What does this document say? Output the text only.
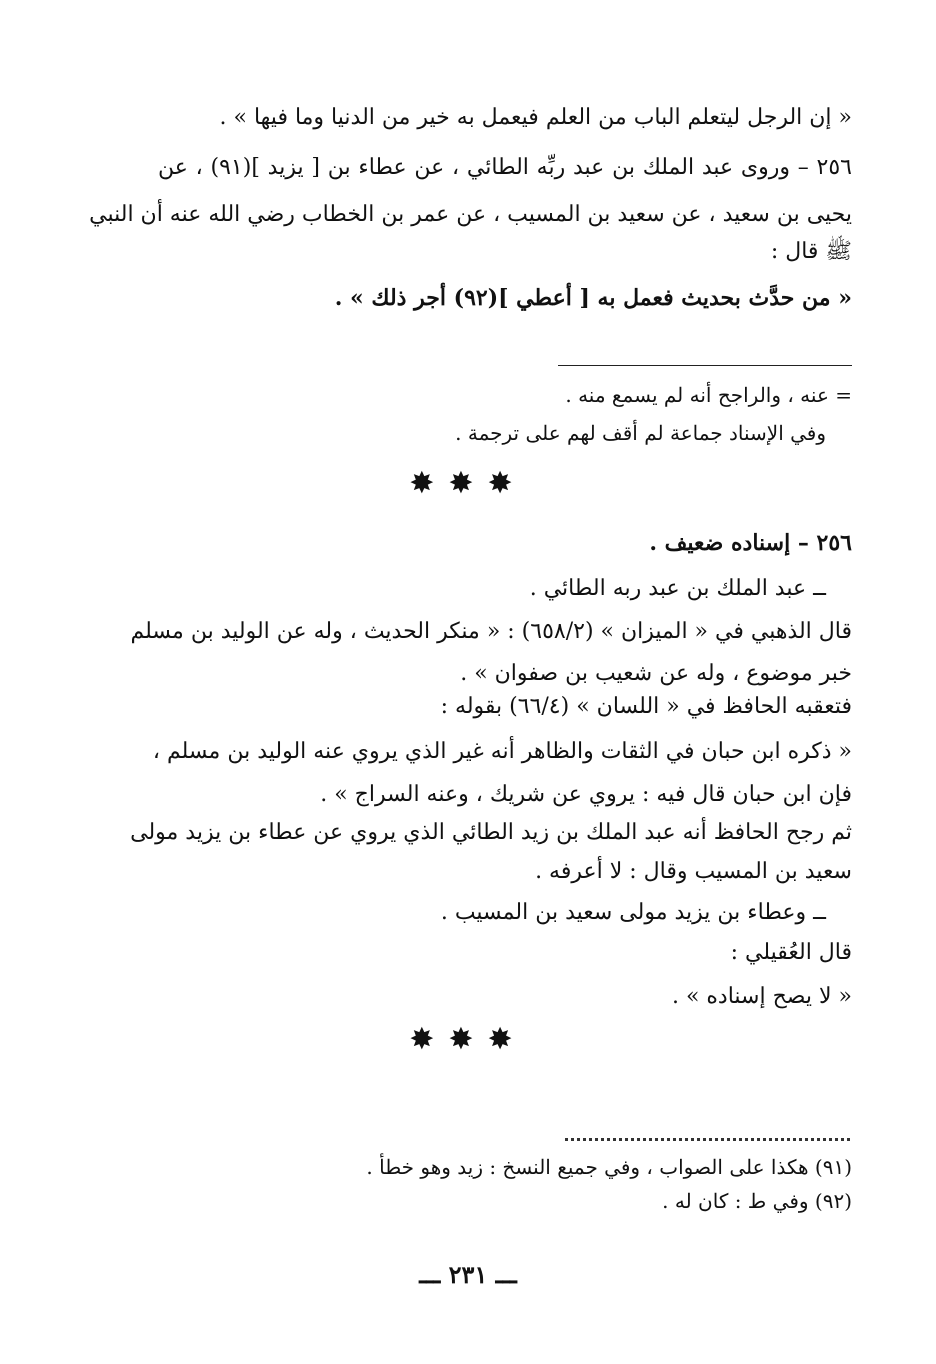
« إن الرجل ليتعلم الباب من العلم فيعمل به خير من الدنيا وما فيها » .
٢٥٦ – وروى عبد الملك بن عبد ربِّه الطائي ، عن عطاء بن [ يزيد ](٩١) ، عن
يحيى بن سعيد ، عن سعيد بن المسيب ، عن عمر بن الخطاب رضي الله عنه أن النبي
ﷺ قال :
« من حدَّث بحديث فعمل به [ أعطي ](٩٢) أجر ذلك » .
= عنه ، والراجح أنه لم يسمع منه .
وفي الإسناد جماعة لم أقف لهم على ترجمة .
✸✸✸
٢٥٦ – إسناده ضعيف .
ــ عبد الملك بن عبد ربه الطائي .
قال الذهبي في « الميزان » (٦٥٨/٢) : « منكر الحديث ، وله عن الوليد بن مسلم
خبر موضوع ، وله عن شعيب بن صفوان » .
فتعقبه الحافظ في « اللسان » (٦٦/٤) بقوله :
« ذكره ابن حبان في الثقات والظاهر أنه غير الذي يروي عنه الوليد بن مسلم ،
فإن ابن حبان قال فيه : يروي عن شريك ، وعنه السراج » .
ثم رجح الحافظ أنه عبد الملك بن زيد الطائي الذي يروي عن عطاء بن يزيد مولى
سعيد بن المسيب وقال : لا أعرفه .
ــ وعطاء بن يزيد مولى سعيد بن المسيب .
قال العُقيلي :
« لا يصح إسناده » .
✸✸✸
(٩١) هكذا على الصواب ، وفي جميع النسخ : زيد وهو خطأ .
(٩٢) وفي ط : كان له .
ـــ ٢٣١ ـــ
